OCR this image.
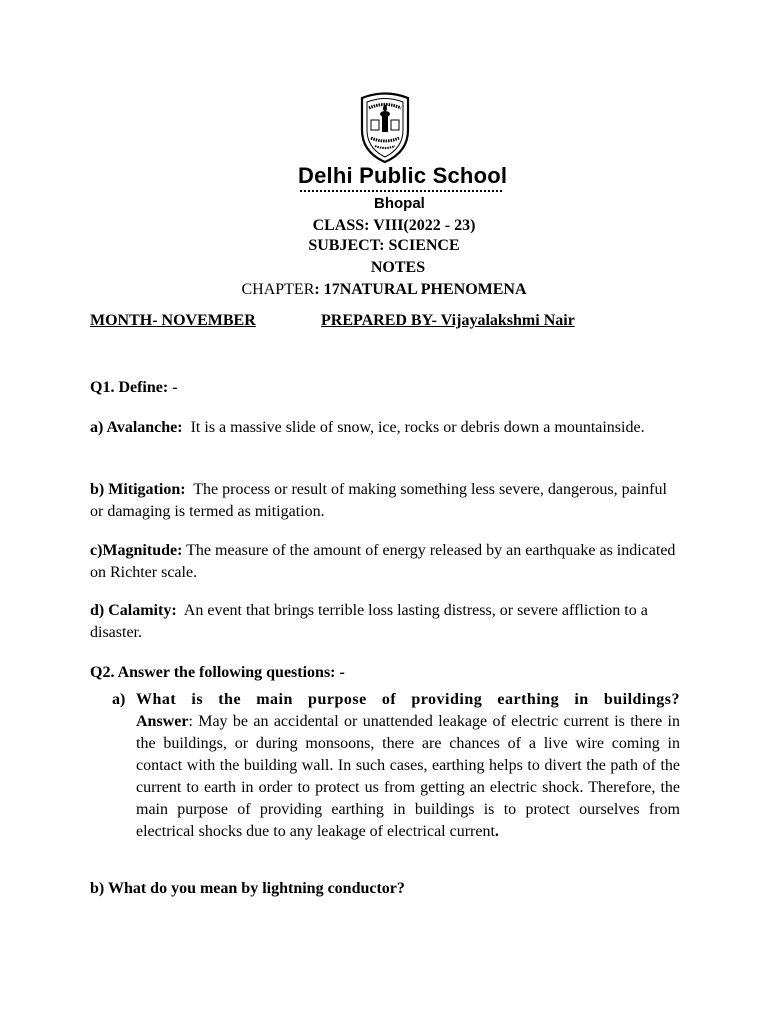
Delhi Public School
Bhopal
CLASS: VIII(2022 - 23)
SUBJECT: SCIENCE
NOTES
CHAPTER: 17NATURAL PHENOMENA
MONTH- NOVEMBER	PREPARED BY- Vijayalakshmi Nair
Q1. Define: -
a) Avalanche: It is a massive slide of snow, ice, rocks or debris down a mountainside.
b) Mitigation: The process or result of making something less severe, dangerous, painful or damaging is termed as mitigation.
c)Magnitude: The measure of the amount of energy released by an earthquake as indicated on Richter scale.
d) Calamity: An event that brings terrible loss lasting distress, or severe affliction to a disaster.
Q2. Answer the following questions: -
a) What is the main purpose of providing earthing in buildings?
Answer: May be an accidental or unattended leakage of electric current is there in the buildings, or during monsoons, there are chances of a live wire coming in contact with the building wall. In such cases, earthing helps to divert the path of the current to earth in order to protect us from getting an electric shock. Therefore, the main purpose of providing earthing in buildings is to protect ourselves from electrical shocks due to any leakage of electrical current.
b) What do you mean by lightning conductor?
